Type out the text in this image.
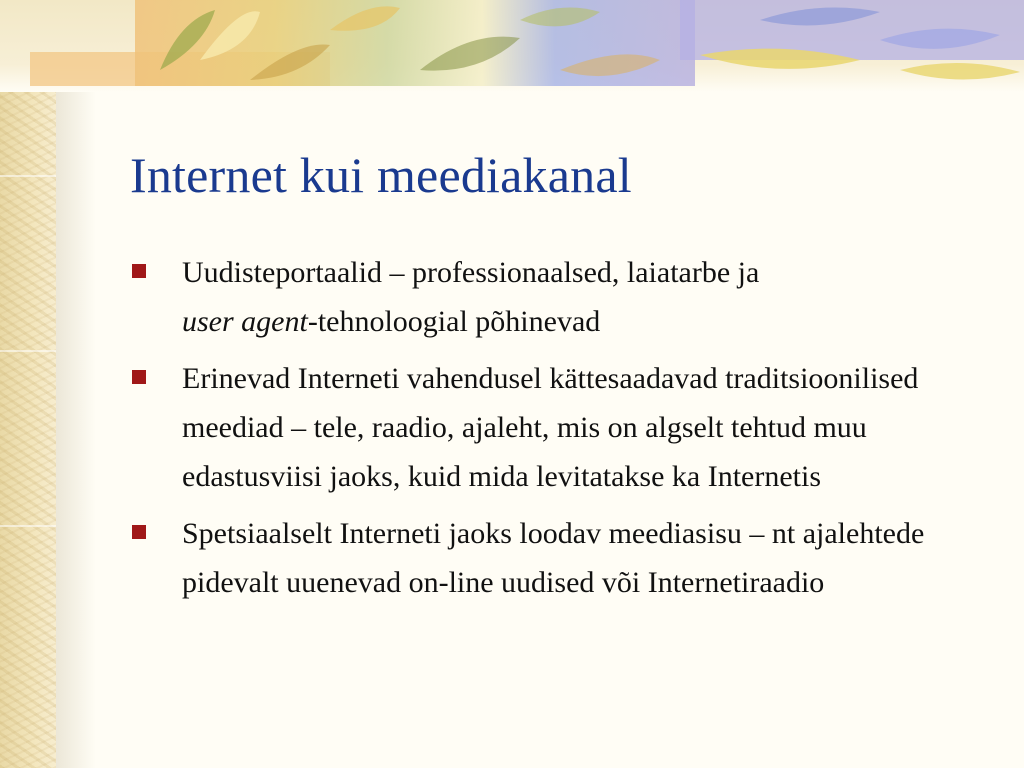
Internet kui meediakanal
Uudisteportaalid – professionaalsed, laiatarbe ja
user agent-tehnoloogial põhinevad
Erinevad Interneti vahendusel kättesaadavad traditsioonilised meediad – tele, raadio, ajaleht, mis on algselt tehtud muu edastusviisi jaoks, kuid mida levitatakse ka Internetis
Spetsiaalselt Interneti jaoks loodav meediasisu – nt ajalehtede pidevalt uuenevad on-line uudised või Internetiraadio
